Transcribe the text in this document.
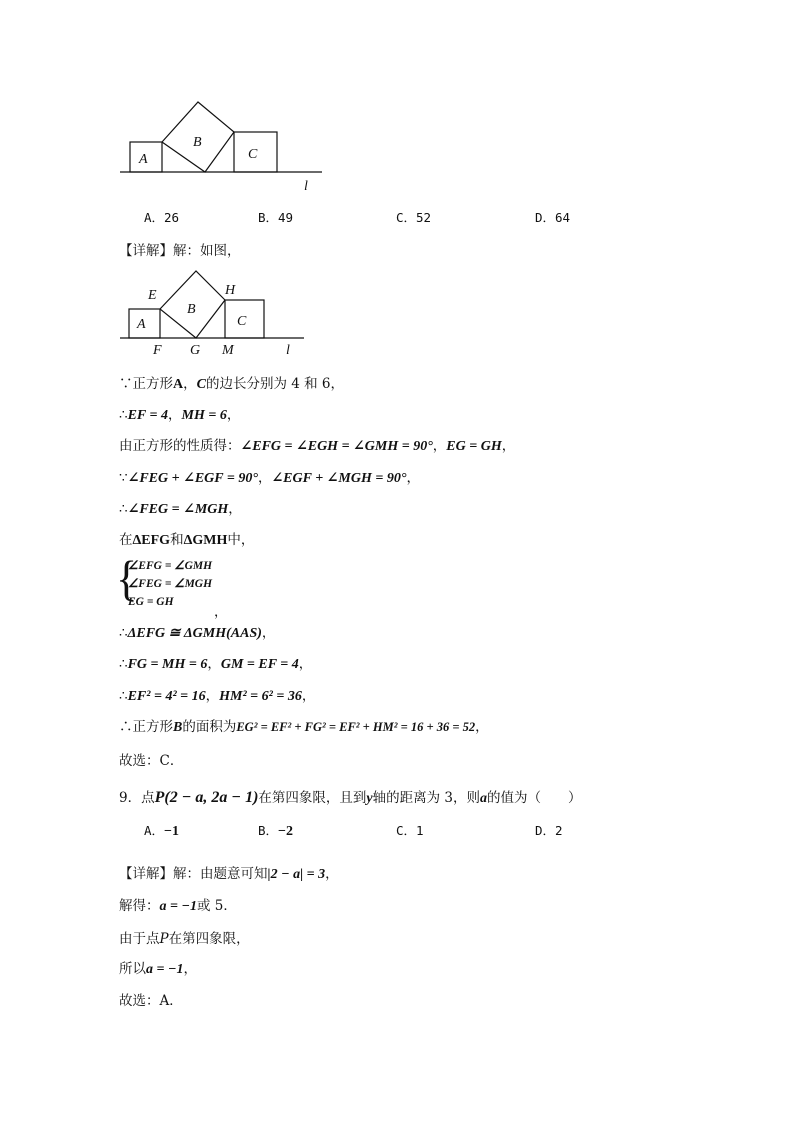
A
B
C
l
A．26	B．49	C．52	D．64
【详解】解：如图，
E
A
B
H
C
F G M	l
∵正方形A，C的边长分别为 4 和 6，
∴EF = 4，MH = 6，
由正方形的性质得：∠EFG = ∠EGH = ∠GMH = 90°，EG = GH，
∵∠FEG + ∠EGF = 90°，∠EGF + ∠MGH = 90°，
∴∠FEG = ∠MGH，
在ΔEFG和ΔGMH中，
{
∠EFG = ∠GMH
∠FEG = ∠MGH
EG = GH
，
∴ΔEFG ≅ ΔGMH(AAS)，
∴FG = MH = 6，GM = EF = 4，
∴EF² = 4² = 16，HM² = 6² = 36，
∴正方形B的面积为EG² = EF² + FG² = EF² + HM² = 16 + 36 = 52，
故选：C．
9．点P(2 − a, 2a − 1)在第四象限，且到y轴的距离为 3，则a的值为（　　）
A．−1	B．−2	C．1	D．2
【详解】解：由题意可知|2 − a| = 3，
解得：a = −1或 5．
由于点P在第四象限，
所以a = −1，
故选：A．
